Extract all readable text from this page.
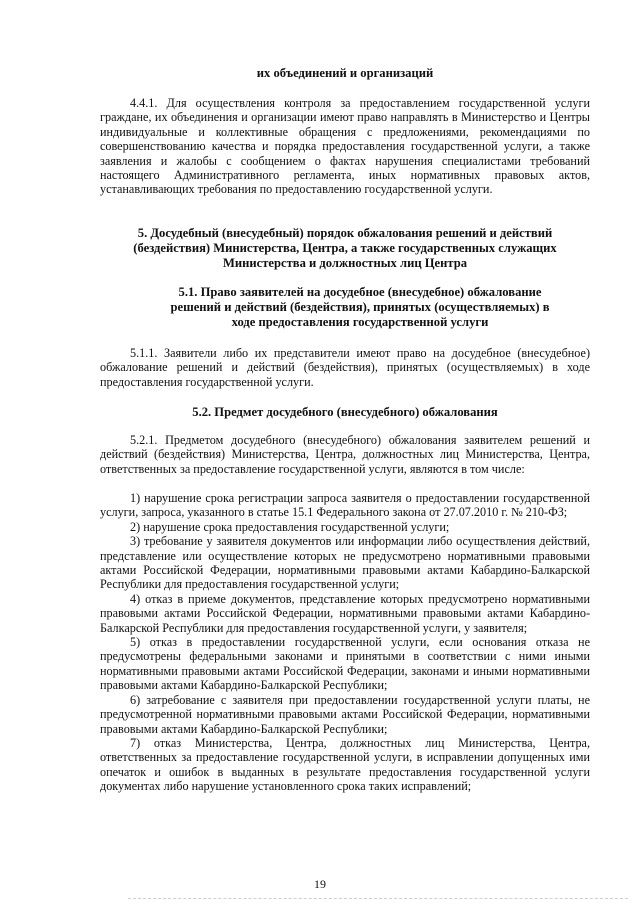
их объединений и организаций

4.4.1. Для осуществления контроля за предоставлением государственной услуги граждане, их объединения и организации имеют право направлять в Министерство и Центры индивидуальные и коллективные обращения с предложениями, рекомендациями по совершенствованию качества и порядка предоставления государственной услуги, а также заявления и жалобы с сообщением о фактах нарушения специалистами требований настоящего Административного регламента, иных нормативных правовых актов, устанавливающих требования по предоставлению государственной услуги.

5. Досудебный (внесудебный) порядок обжалования решений и действий (бездействия) Министерства, Центра, а также государственных служащих Министерства и должностных лиц Центра

5.1. Право заявителей на досудебное (внесудебное) обжалование решений и действий (бездействия), принятых (осуществляемых) в ходе предоставления государственной услуги

5.1.1. Заявители либо их представители имеют право на досудебное (внесудебное) обжалование решений и действий (бездействия), принятых (осуществляемых) в ходе предоставления государственной услуги.

5.2. Предмет досудебного (внесудебного) обжалования

5.2.1. Предметом досудебного (внесудебного) обжалования заявителем решений и действий (бездействия) Министерства, Центра, должностных лиц Министерства, Центра, ответственных за предоставление государственной услуги, являются в том числе:

1) нарушение срока регистрации запроса заявителя о предоставлении государственной услуги, запроса, указанного в статье 15.1 Федерального закона от 27.07.2010 г. № 210-ФЗ;

2) нарушение срока предоставления государственной услуги;

3) требование у заявителя документов или информации либо осуществления действий, представление или осуществление которых не предусмотрено нормативными правовыми актами Российской Федерации, нормативными правовыми актами Кабардино-Балкарской Республики для предоставления государственной услуги;

4) отказ в приеме документов, представление которых предусмотрено нормативными правовыми актами Российской Федерации, нормативными правовыми актами Кабардино-Балкарской Республики для предоставления государственной услуги, у заявителя;

5) отказ в предоставлении государственной услуги, если основания отказа не предусмотрены федеральными законами и принятыми в соответствии с ними иными нормативными правовыми актами Российской Федерации, законами и иными нормативными правовыми актами Кабардино-Балкарской Республики;

6) затребование с заявителя при предоставлении государственной услуги платы, не предусмотренной нормативными правовыми актами Российской Федерации, нормативными правовыми актами Кабардино-Балкарской Республики;

7) отказ Министерства, Центра, должностных лиц Министерства, Центра, ответственных за предоставление государственной услуги, в исправлении допущенных ими опечаток и ошибок в выданных в результате предоставления государственной услуги документах либо нарушение установленного срока таких исправлений;

19
